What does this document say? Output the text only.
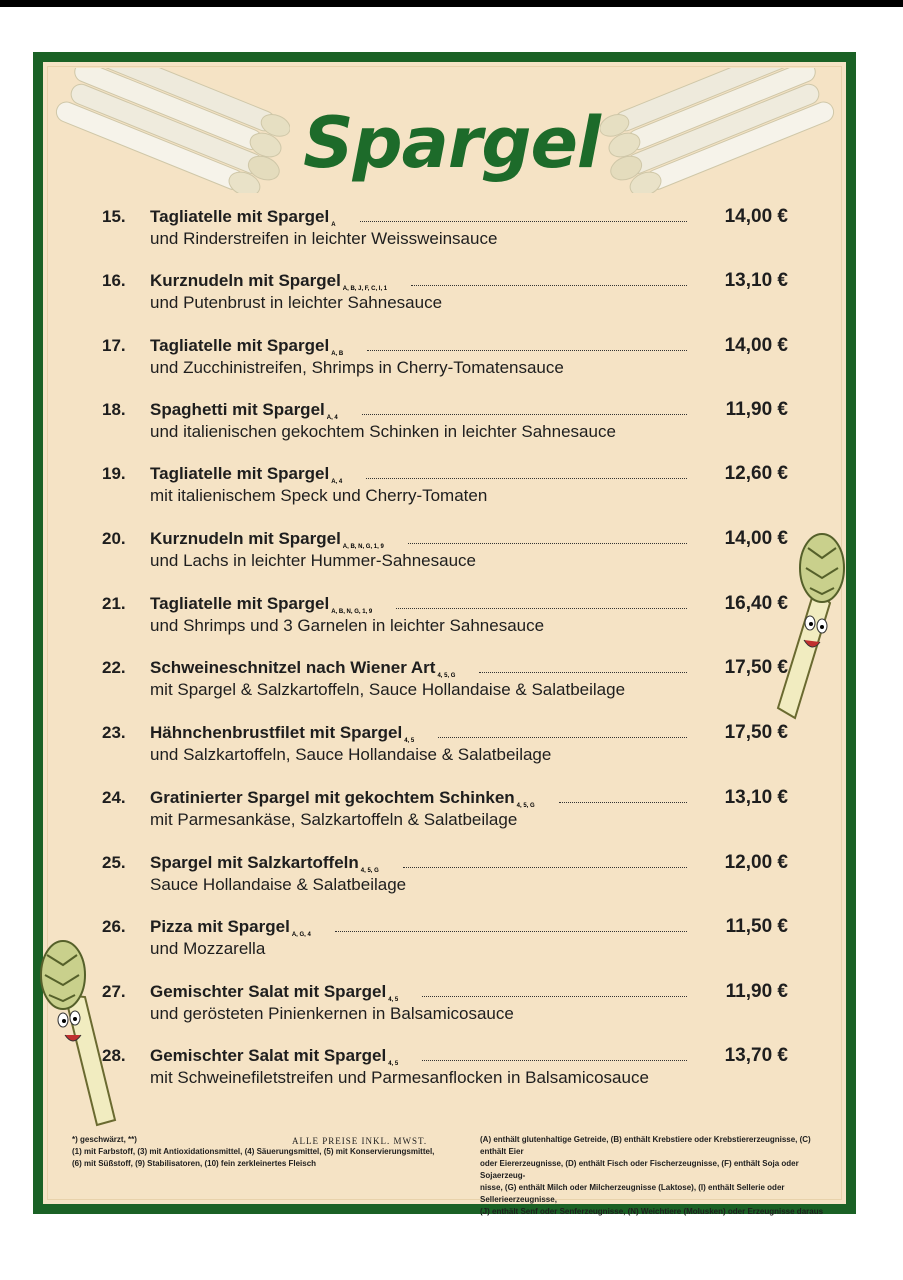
Spargel
15. Tagliatelle mit Spargel A	14,00 €
und Rinderstreifen in leichter Weissweinsauce
16. Kurznudeln mit Spargel A, B, J, F, C, I, 1	13,10 €
und Putenbrust in leichter Sahnesauce
17. Tagliatelle mit Spargel A, B	14,00 €
und Zucchinistreifen, Shrimps in Cherry-Tomatensauce
18. Spaghetti mit Spargel A, 4	11,90 €
und italienischen gekochtem Schinken in leichter Sahnesauce
19. Tagliatelle mit Spargel A, 4	12,60 €
mit italienischem Speck und Cherry-Tomaten
20. Kurznudeln mit Spargel A, B, N, G, 1, 9	14,00 €
und Lachs in leichter Hummer-Sahnesauce
21. Tagliatelle mit Spargel A, B, N, G, 1, 9	16,40 €
und Shrimps und 3 Garnelen in leichter Sahnesauce
22. Schweineschnitzel nach Wiener Art 4, 5, G	17,50 €
mit Spargel & Salzkartoffeln, Sauce Hollandaise & Salatbeilage
23. Hähnchenbrustfilet mit Spargel 4, 5	17,50 €
und Salzkartoffeln, Sauce Hollandaise & Salatbeilage
24. Gratinierter Spargel mit gekochtem Schinken 4, 5, G	13,10 €
mit Parmesankäse, Salzkartoffeln & Salatbeilage
25. Spargel mit Salzkartoffeln 4, 5, G	12,00 €
Sauce Hollandaise & Salatbeilage
26. Pizza mit Spargel A, G, 4	11,50 €
und Mozzarella
27. Gemischter Salat mit Spargel 4, 5	11,90 €
und gerösteten Pinienkernen in Balsamicosauce
28. Gemischter Salat mit Spargel 4, 5	13,70 €
mit Schweinefiletstreifen und Parmesanflocken in Balsamicosauce
*) geschwärzt, **)
(1) mit Farbstoff, (3) mit Antioxidationsmittel, (4) Säuerungsmittel, (5) mit Konservierungsmittel,
(6) mit Süßstoff, (9) Stabilisatoren, (10) fein zerkleinertes Fleisch
ALLE PREISE INKL. MWST.	(A) enthält glutenhaltige Getreide, (B) enthält Krebstiere oder Krebstiererzeugnisse, (C) enthält Eier
oder Eiererzeugnisse, (D) enthält Fisch oder Fischerzeugnisse, (F) enthält Soja oder Sojaerzeug-
nisse, (G) enthält Milch oder Milcherzeugnisse (Laktose), (I) enthält Sellerie oder Sellerieerzeugnisse,
(J) enthält Senf oder Senferzeugnisse, (N) Weichtiere (Molusken) oder Erzeugnisse daraus
